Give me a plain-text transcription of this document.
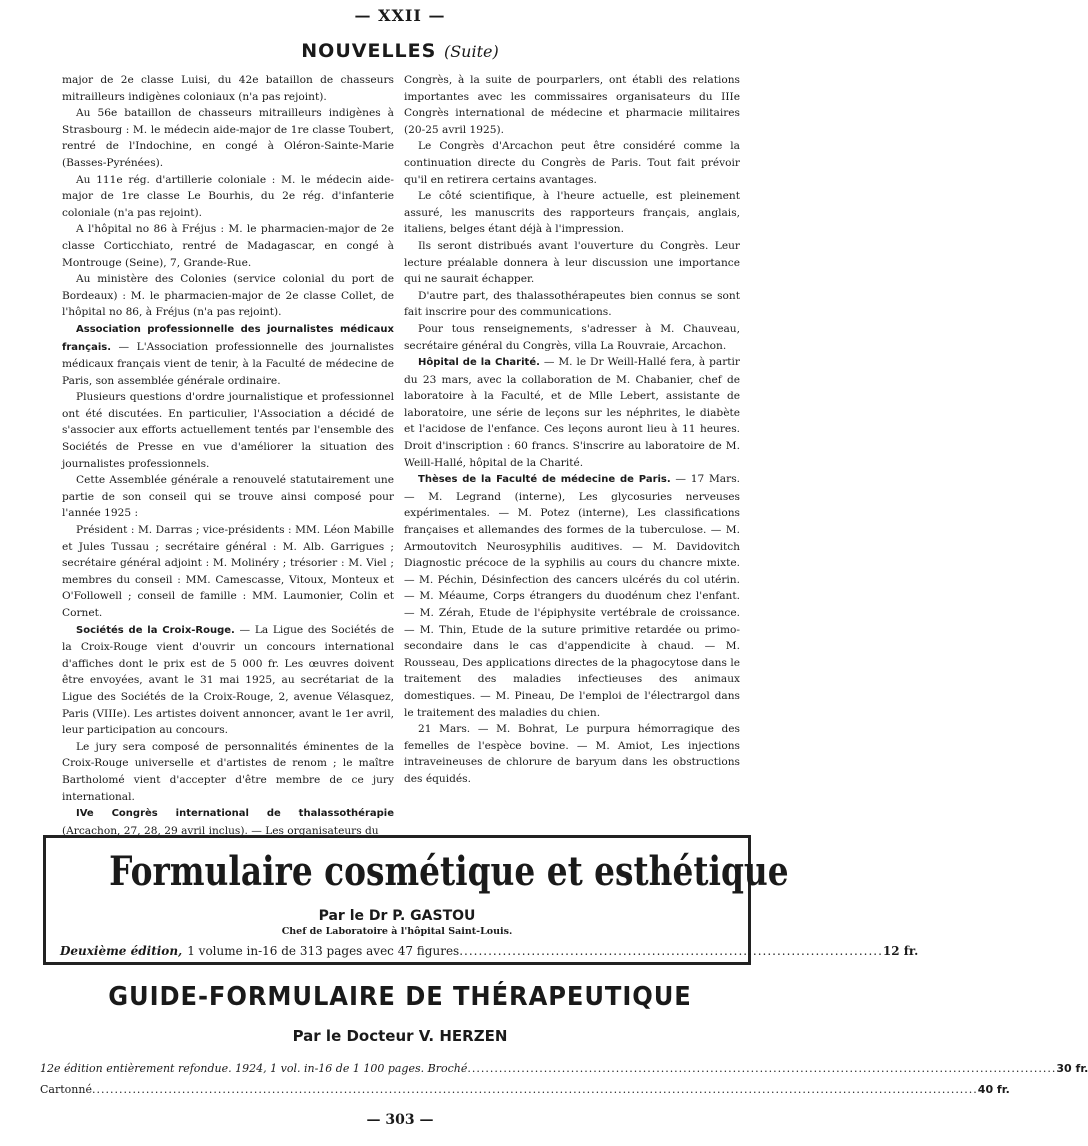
— XXII —
NOUVELLES (Suite)

major de 2e classe Luisi, du 42e bataillon de chasseurs mitrailleurs indigènes coloniaux (n'a pas rejoint).

Au 56e bataillon de chasseurs mitrailleurs indigènes à Strasbourg : M. le médecin aide-major de 1re classe Toubert, rentré de l'Indochine, en congé à Oléron-Sainte-Marie (Basses-Pyrénées).

Au 111e rég. d'artillerie coloniale : M. le médecin aide-major de 1re classe Le Bourhis, du 2e rég. d'infanterie coloniale (n'a pas rejoint).

A l'hôpital no 86 à Fréjus : M. le pharmacien-major de 2e classe Corticchiato, rentré de Madagascar, en congé à Montrouge (Seine), 7, Grande-Rue.

Au ministère des Colonies (service colonial du port de Bordeaux) : M. le pharmacien-major de 2e classe Collet, de l'hôpital no 86, à Fréjus (n'a pas rejoint).

Association professionnelle des journalistes médicaux français. — L'Association professionnelle des journalistes médicaux français vient de tenir, à la Faculté de médecine de Paris, son assemblée générale ordinaire.

Plusieurs questions d'ordre journalistique et professionnel ont été discutées. En particulier, l'Association a décidé de s'associer aux efforts actuellement tentés par l'ensemble des Sociétés de Presse en vue d'améliorer la situation des journalistes professionnels.

Cette Assemblée générale a renouvelé statutairement une partie de son conseil qui se trouve ainsi composé pour l'année 1925 :

Président : M. Darras ; vice-présidents : MM. Léon Mabille et Jules Tussau ; secrétaire général : M. Alb. Garrigues ; secrétaire général adjoint : M. Molinéry ; trésorier : M. Viel ; membres du conseil : MM. Camescasse, Vitoux, Monteux et O'Followell ; conseil de famille : MM. Laumonier, Colin et Cornet.

Sociétés de la Croix-Rouge. — La Ligue des Sociétés de la Croix-Rouge vient d'ouvrir un concours international d'affiches dont le prix est de 5 000 fr. Les œuvres doivent être envoyées, avant le 31 mai 1925, au secrétariat de la Ligue des Sociétés de la Croix-Rouge, 2, avenue Vélasquez, Paris (VIIIe). Les artistes doivent annoncer, avant le 1er avril, leur participation au concours.

Le jury sera composé de personnalités éminentes de la Croix-Rouge universelle et d'artistes de renom ; le maître Bartholomé vient d'accepter d'être membre de ce jury international.

IVe Congrès international de thalassothérapie (Arcachon, 27, 28, 29 avril inclus). — Les organisateurs du

Congrès, à la suite de pourparlers, ont établi des relations importantes avec les commissaires organisateurs du IIIe Congrès international de médecine et pharmacie militaires (20-25 avril 1925).

Le Congrès d'Arcachon peut être considéré comme la continuation directe du Congrès de Paris. Tout fait prévoir qu'il en retirera certains avantages.

Le côté scientifique, à l'heure actuelle, est pleinement assuré, les manuscrits des rapporteurs français, anglais, italiens, belges étant déjà à l'impression.

Ils seront distribués avant l'ouverture du Congrès. Leur lecture préalable donnera à leur discussion une importance qui ne saurait échapper.

D'autre part, des thalassothérapeutes bien connus se sont fait inscrire pour des communications.

Pour tous renseignements, s'adresser à M. Chauveau, secrétaire général du Congrès, villa La Rouvraie, Arcachon.

Hôpital de la Charité. — M. le Dr Weill-Hallé fera, à partir du 23 mars, avec la collaboration de M. Chabanier, chef de laboratoire à la Faculté, et de Mlle Lebert, assistante de laboratoire, une série de leçons sur les néphrites, le diabète et l'acidose de l'enfance. Ces leçons auront lieu à 11 heures. Droit d'inscription : 60 francs. S'inscrire au laboratoire de M. Weill-Hallé, hôpital de la Charité.

Thèses de la Faculté de médecine de Paris. — 17 Mars. — M. Legrand (interne), Les glycosuries nerveuses expérimentales. — M. Potez (interne), Les classifications françaises et allemandes des formes de la tuberculose. — M. Armoutovitch Neurosyphilis auditives. — M. Davidovitch Diagnostic précoce de la syphilis au cours du chancre mixte. — M. Péchin, Désinfection des cancers ulcérés du col utérin. — M. Méaume, Corps étrangers du duodénum chez l'enfant. — M. Zérah, Etude de l'épiphysite vertébrale de croissance. — M. Thin, Etude de la suture primitive retardée ou primo-secondaire dans le cas d'appendicite à chaud. — M. Rousseau, Des applications directes de la phagocytose dans le traitement des maladies infectieuses des animaux domestiques. — M. Pineau, De l'emploi de l'électrargol dans le traitement des maladies du chien.

21 Mars. — M. Bohrat, Le purpura hémorragique des femelles de l'espèce bovine. — M. Amiot, Les injections intraveineuses de chlorure de baryum dans les obstructions des équidés.

Formulaire cosmétique et esthétique
Par le Dr P. GASTOU
Chef de Laboratoire à l'hôpital Saint-Louis.
Deuxième édition, 1 volume in-16 de 313 pages avec 47 figures ........................................................................................ 12 fr.
GUIDE-FORMULAIRE DE THÉRAPEUTIQUE
Par le Docteur V. HERZEN
12e édition entièrement refondue. 1924, 1 vol. in-16 de 1 100 pages. Broché ................................................................................................................................... 30 fr.
Cartonné ..................................................................................................................................................................................................... 40 fr.
— 303 —
